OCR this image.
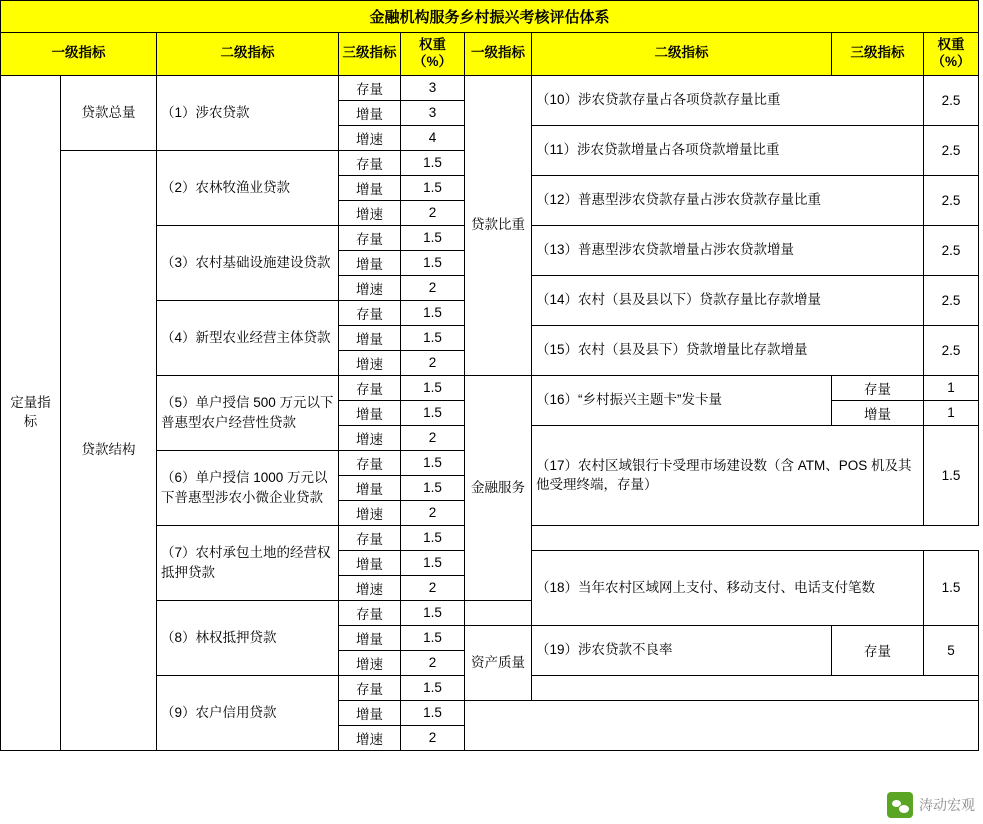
金融机构服务乡村振兴考核评估体系								
一级指标		二级指标	三级指标	权重（%）	一级指标	二级指标	三级指标	权重（%）
定量指标	贷款总量	（1）涉农贷款	存量	3	贷款比重	（10）涉农贷款存量占各项贷款存量比重		2.5
			增量	3				
			增速	4		（11）涉农贷款增量占各项贷款增量比重		2.5
	贷款结构	（2）农林牧渔业贷款	存量	1.5				
			增量	1.5		（12）普惠型涉农贷款存量占涉农贷款存量比重		2.5
			增速	2				
		（3）农村基础设施建设贷款	存量	1.5		（13）普惠型涉农贷款增量占涉农贷款增量		2.5
			增量	1.5				
			增速	2		（14）农村（县及县以下）贷款存量比存款增量		2.5
		（4）新型农业经营主体贷款	存量	1.5				
			增量	1.5		（15）农村（县及县下）贷款增量比存款增量		2.5
			增速	2				
		（5）单户授信 500 万元以下普惠型农户经营性贷款	存量	1.5	金融服务	（16）“乡村振兴主题卡”发卡量	存量	1
			增量	1.5			增量	1
			增速	2		（17）农村区域银行卡受理市场建设数（含 ATM、POS 机及其他受理终端，存量）		1.5
		（6）单户授信 1000 万元以下普惠型涉农小微企业贷款	存量	1.5				
			增量	1.5				
			增速	2				
		（7）农村承包土地的经营权抵押贷款	存量	1.5				
			增量	1.5		（18）当年农村区域网上支付、移动支付、电话支付笔数		1.5
			增速	2				
		（8）林权抵押贷款	存量	1.5				
			增量	1.5	资产质量	（19）涉农贷款不良率	存量	5
			增速	2				
		（9）农户信用贷款	存量	1.5				
			增量	1.5				
			增速	2				
涛动宏观
